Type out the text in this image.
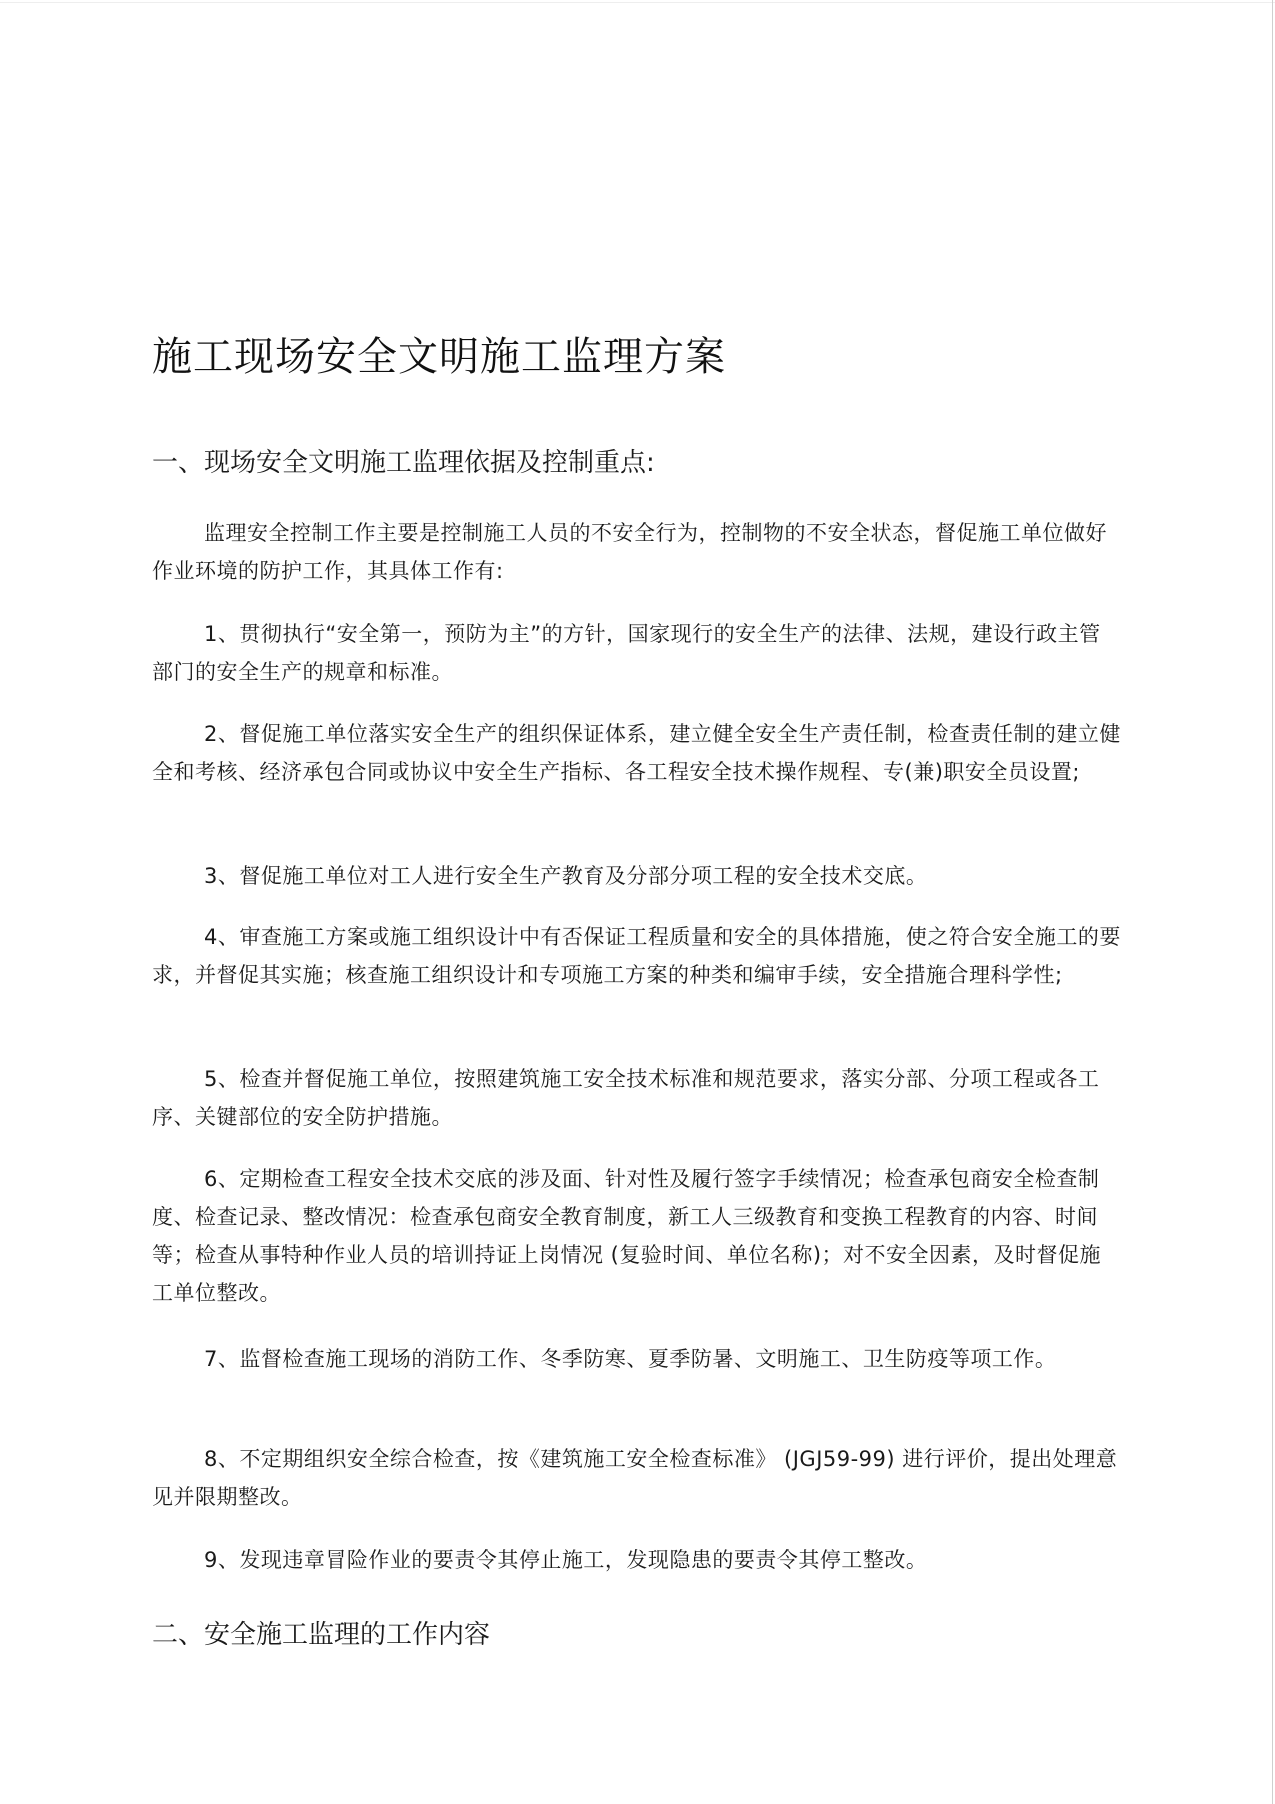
施工现场安全文明施工监理方案
一、现场安全文明施工监理依据及控制重点:
监理安全控制工作主要是控制施工人员的不安全行为，控制物的不安全状态，督促施工单位做好作业环境的防护工作，其具体工作有:
1、贯彻执行“安全第一，预防为主”的方针，国家现行的安全生产的法律、法规，建设行政主管部门的安全生产的规章和标准。
2、督促施工单位落实安全生产的组织保证体系，建立健全安全生产责任制，检查责任制的建立健全和考核、经济承包合同或协议中安全生产指标、各工程安全技术操作规程、专(兼)职安全员设置;
3、督促施工单位对工人进行安全生产教育及分部分项工程的安全技术交底。
4、审查施工方案或施工组织设计中有否保证工程质量和安全的具体措施，使之符合安全施工的要求，并督促其实施；核查施工组织设计和专项施工方案的种类和编审手续，安全措施合理科学性;
5、检查并督促施工单位，按照建筑施工安全技术标准和规范要求，落实分部、分项工程或各工序、关键部位的安全防护措施。
6、定期检查工程安全技术交底的涉及面、针对性及履行签字手续情况；检查承包商安全检查制度、检查记录、整改情况：检查承包商安全教育制度，新工人三级教育和变换工程教育的内容、时间等；检查从事特种作业人员的培训持证上岗情况 (复验时间、单位名称)；对不安全因素，及时督促施工单位整改。
7、监督检查施工现场的消防工作、冬季防寒、夏季防暑、文明施工、卫生防疫等项工作。
8、不定期组织安全综合检查，按《建筑施工安全检查标准》 (JGJ59-99) 进行评价，提出处理意见并限期整改。
9、发现违章冒险作业的要责令其停止施工，发现隐患的要责令其停工整改。
二、安全施工监理的工作内容
